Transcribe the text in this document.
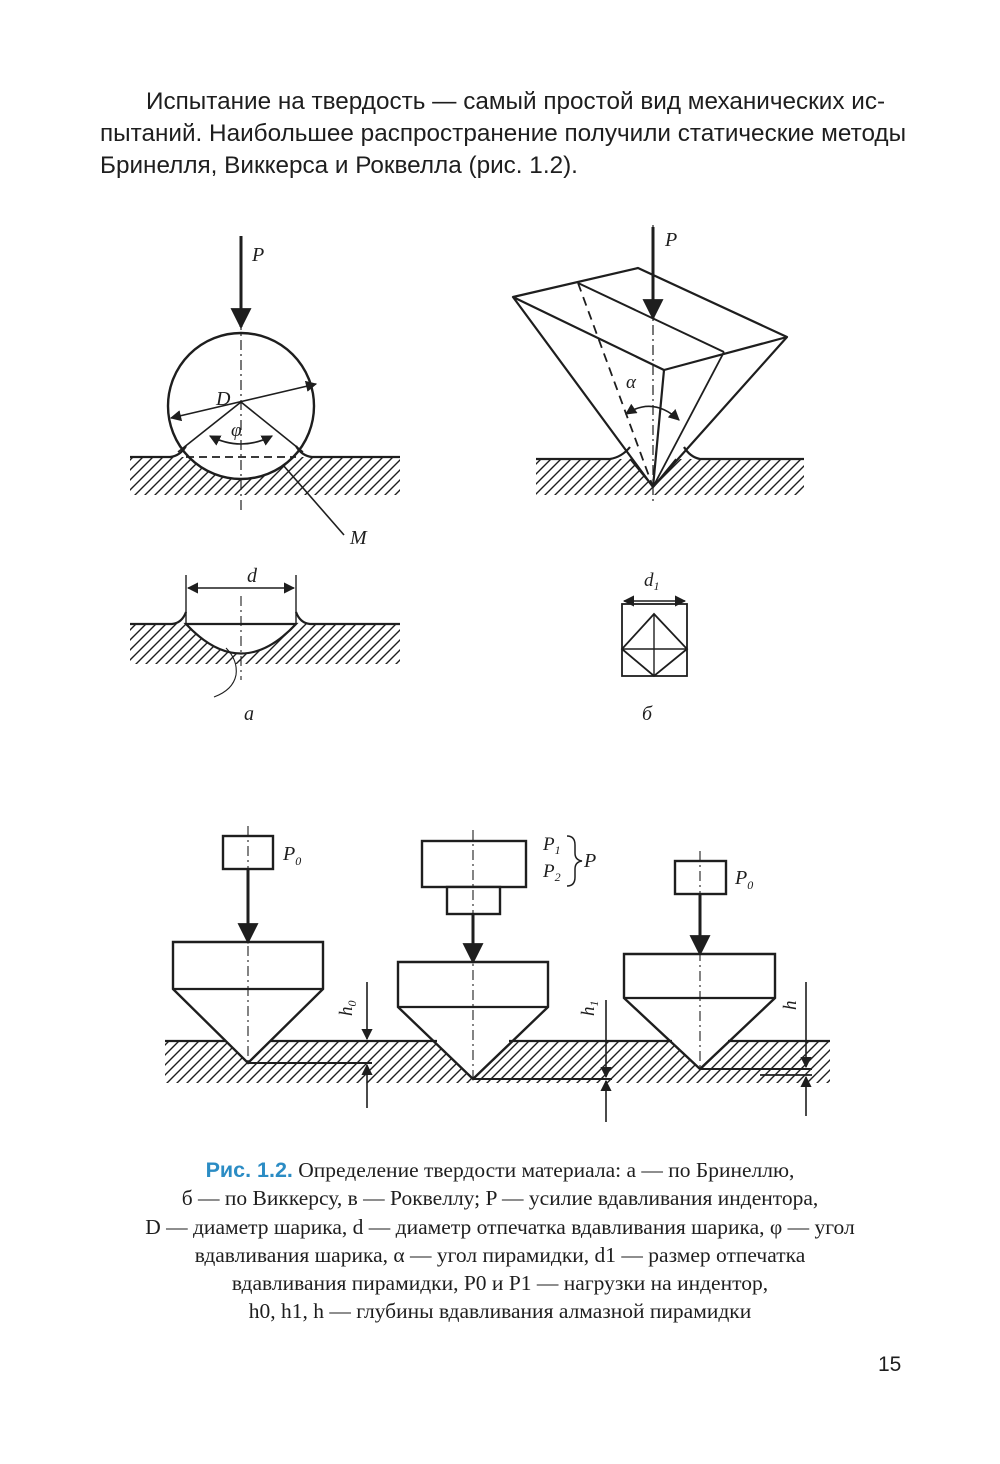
Испытание на твердость — самый простой вид механических ис-
пытаний. Наибольшее распространение получили статические методы
Бринелля, Виккерса и Роквелла (рис. 1.2).
P
D
φ
M
d
а
P
α
$d_1$
б
$P_0$
$h_0$
$P_1$
$P_2$
P
$h_1$
$P_0$
h
Рис. 1.2. Определение твердости материала: а — по Бринеллю,
б — по Виккерсу, в — Роквеллу; P — усилие вдавливания индентора,
D — диаметр шарика, d — диаметр отпечатка вдавливания шарика, φ — угол
вдавливания шарика, α — угол пирамидки, d1 — размер отпечатка
вдавливания пирамидки, P0 и P1 — нагрузки на индентор,
h0, h1, h — глубины вдавливания алмазной пирамидки
15
